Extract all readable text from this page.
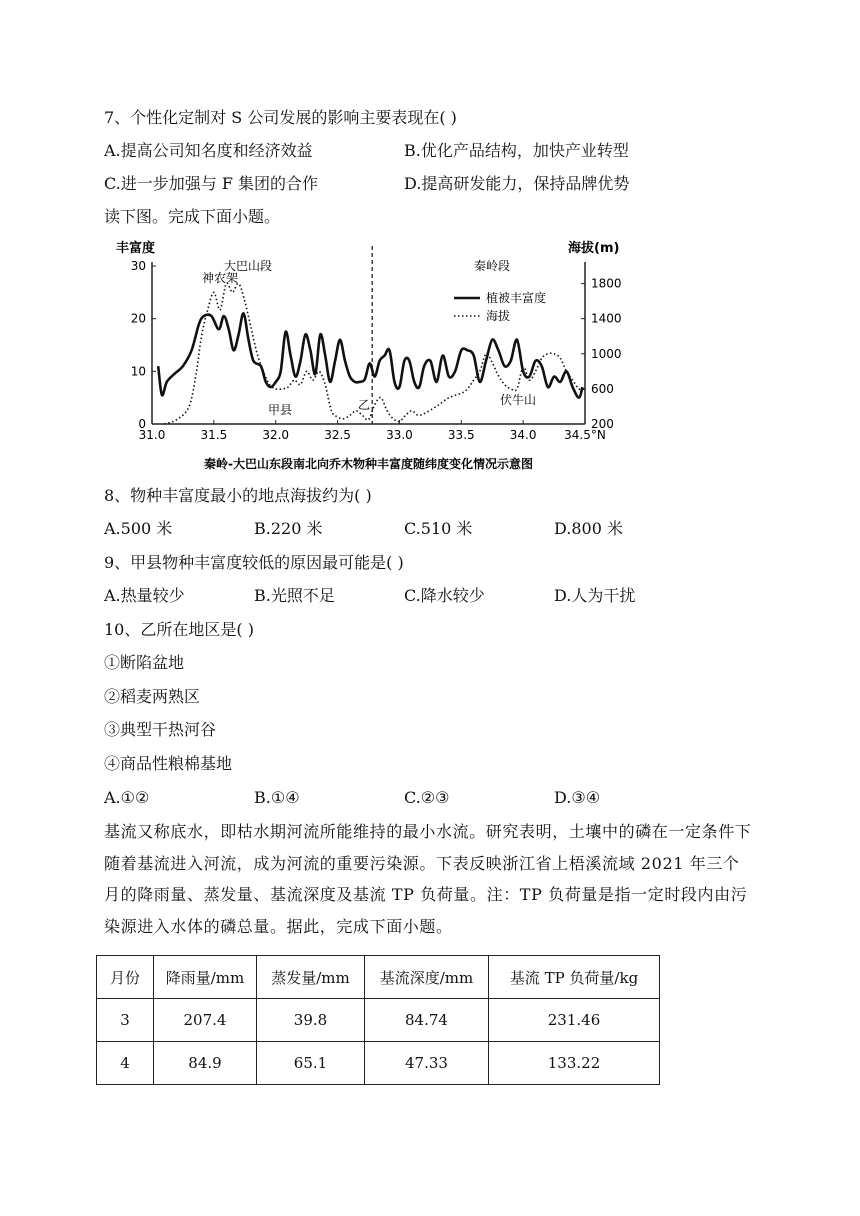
7、个性化定制对 S 公司发展的影响主要表现在( )
A.提高公司知名度和经济效益	B.优化产品结构，加快产业转型
C.进一步加强与 F 集团的合作	D.提高研发能力，保持品牌优势
读下图。完成下面小题。
31.0	31.5	32.0	32.5	33.0	33.5	34.0 34.5°N
0
10
20
30
200
600
1000
1400
1800
丰富度	海拔(m)
植被丰富度
海拔
大巴山段	秦岭段
神农架
甲县	乙	伏牛山
秦岭-大巴山东段南北向乔木物种丰富度随纬度变化情况示意图
8、物种丰富度最小的地点海拔约为( )
A.500 米	B.220 米	C.510 米	D.800 米
9、甲县物种丰富度较低的原因最可能是( )
A.热量较少	B.光照不足	C.降水较少	D.人为干扰
10、乙所在地区是( )
①断陷盆地
②稻麦两熟区
③典型干热河谷
④商品性粮棉基地
A.①②	B.①④	C.②③	D.③④
基流又称底水，即枯水期河流所能维持的最小水流。研究表明，土壤中的磷在一定条件下随着基流进入河流，成为河流的重要污染源。下表反映浙江省上梧溪流域 2021 年三个月的降雨量、蒸发量、基流深度及基流 TP 负荷量。注：TP 负荷量是指一定时段内由污染源进入水体的磷总量。据此，完成下面小题。
月份	降雨量/mm	蒸发量/mm	基流深度/mm	基流 TP 负荷量/kg
3	207.4	39.8	84.74	231.46
4	84.9	65.1	47.33	133.22
